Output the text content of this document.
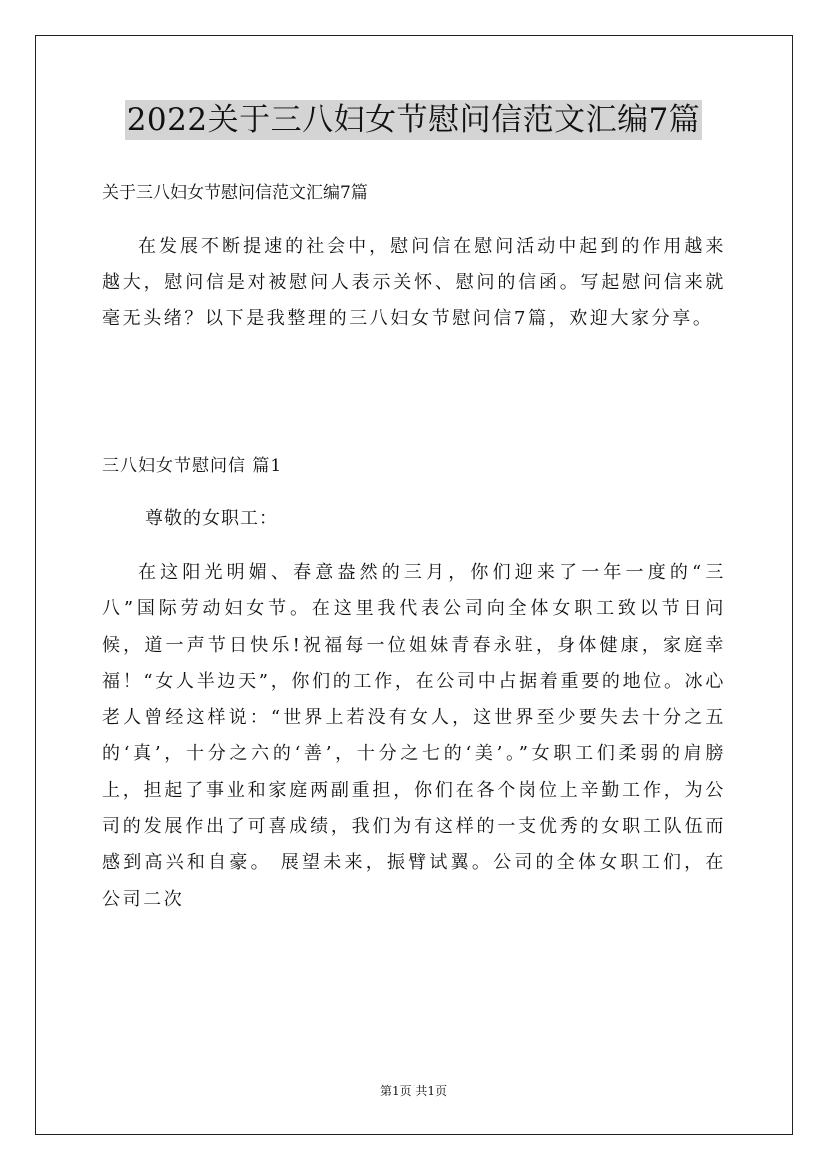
2022关于三八妇女节慰问信范文汇编7篇
关于三八妇女节慰问信范文汇编7篇
在发展不断提速的社会中，慰问信在慰问活动中起到的作用越来越大，慰问信是对被慰问人表示关怀、慰问的信函。写起慰问信来就毫无头绪？以下是我整理的三八妇女节慰问信7篇，欢迎大家分享。
三八妇女节慰问信 篇1
尊敬的女职工：
在这阳光明媚、春意盎然的三月，你们迎来了一年一度的“三八”国际劳动妇女节。在这里我代表公司向全体女职工致以节日问候，道一声节日快乐!祝福每一位姐妹青春永驻，身体健康，家庭幸福！“女人半边天”，你们的工作，在公司中占据着重要的地位。冰心老人曾经这样说：“世界上若没有女人，这世界至少要失去十分之五的‘真’，十分之六的‘善’，十分之七的‘美’。”女职工们柔弱的肩膀上，担起了事业和家庭两副重担，你们在各个岗位上辛勤工作，为公司的发展作出了可喜成绩，我们为有这样的一支优秀的女职工队伍而感到高兴和自豪。 展望未来，振臂试翼。公司的全体女职工们，在公司二次
第1页 共1页
